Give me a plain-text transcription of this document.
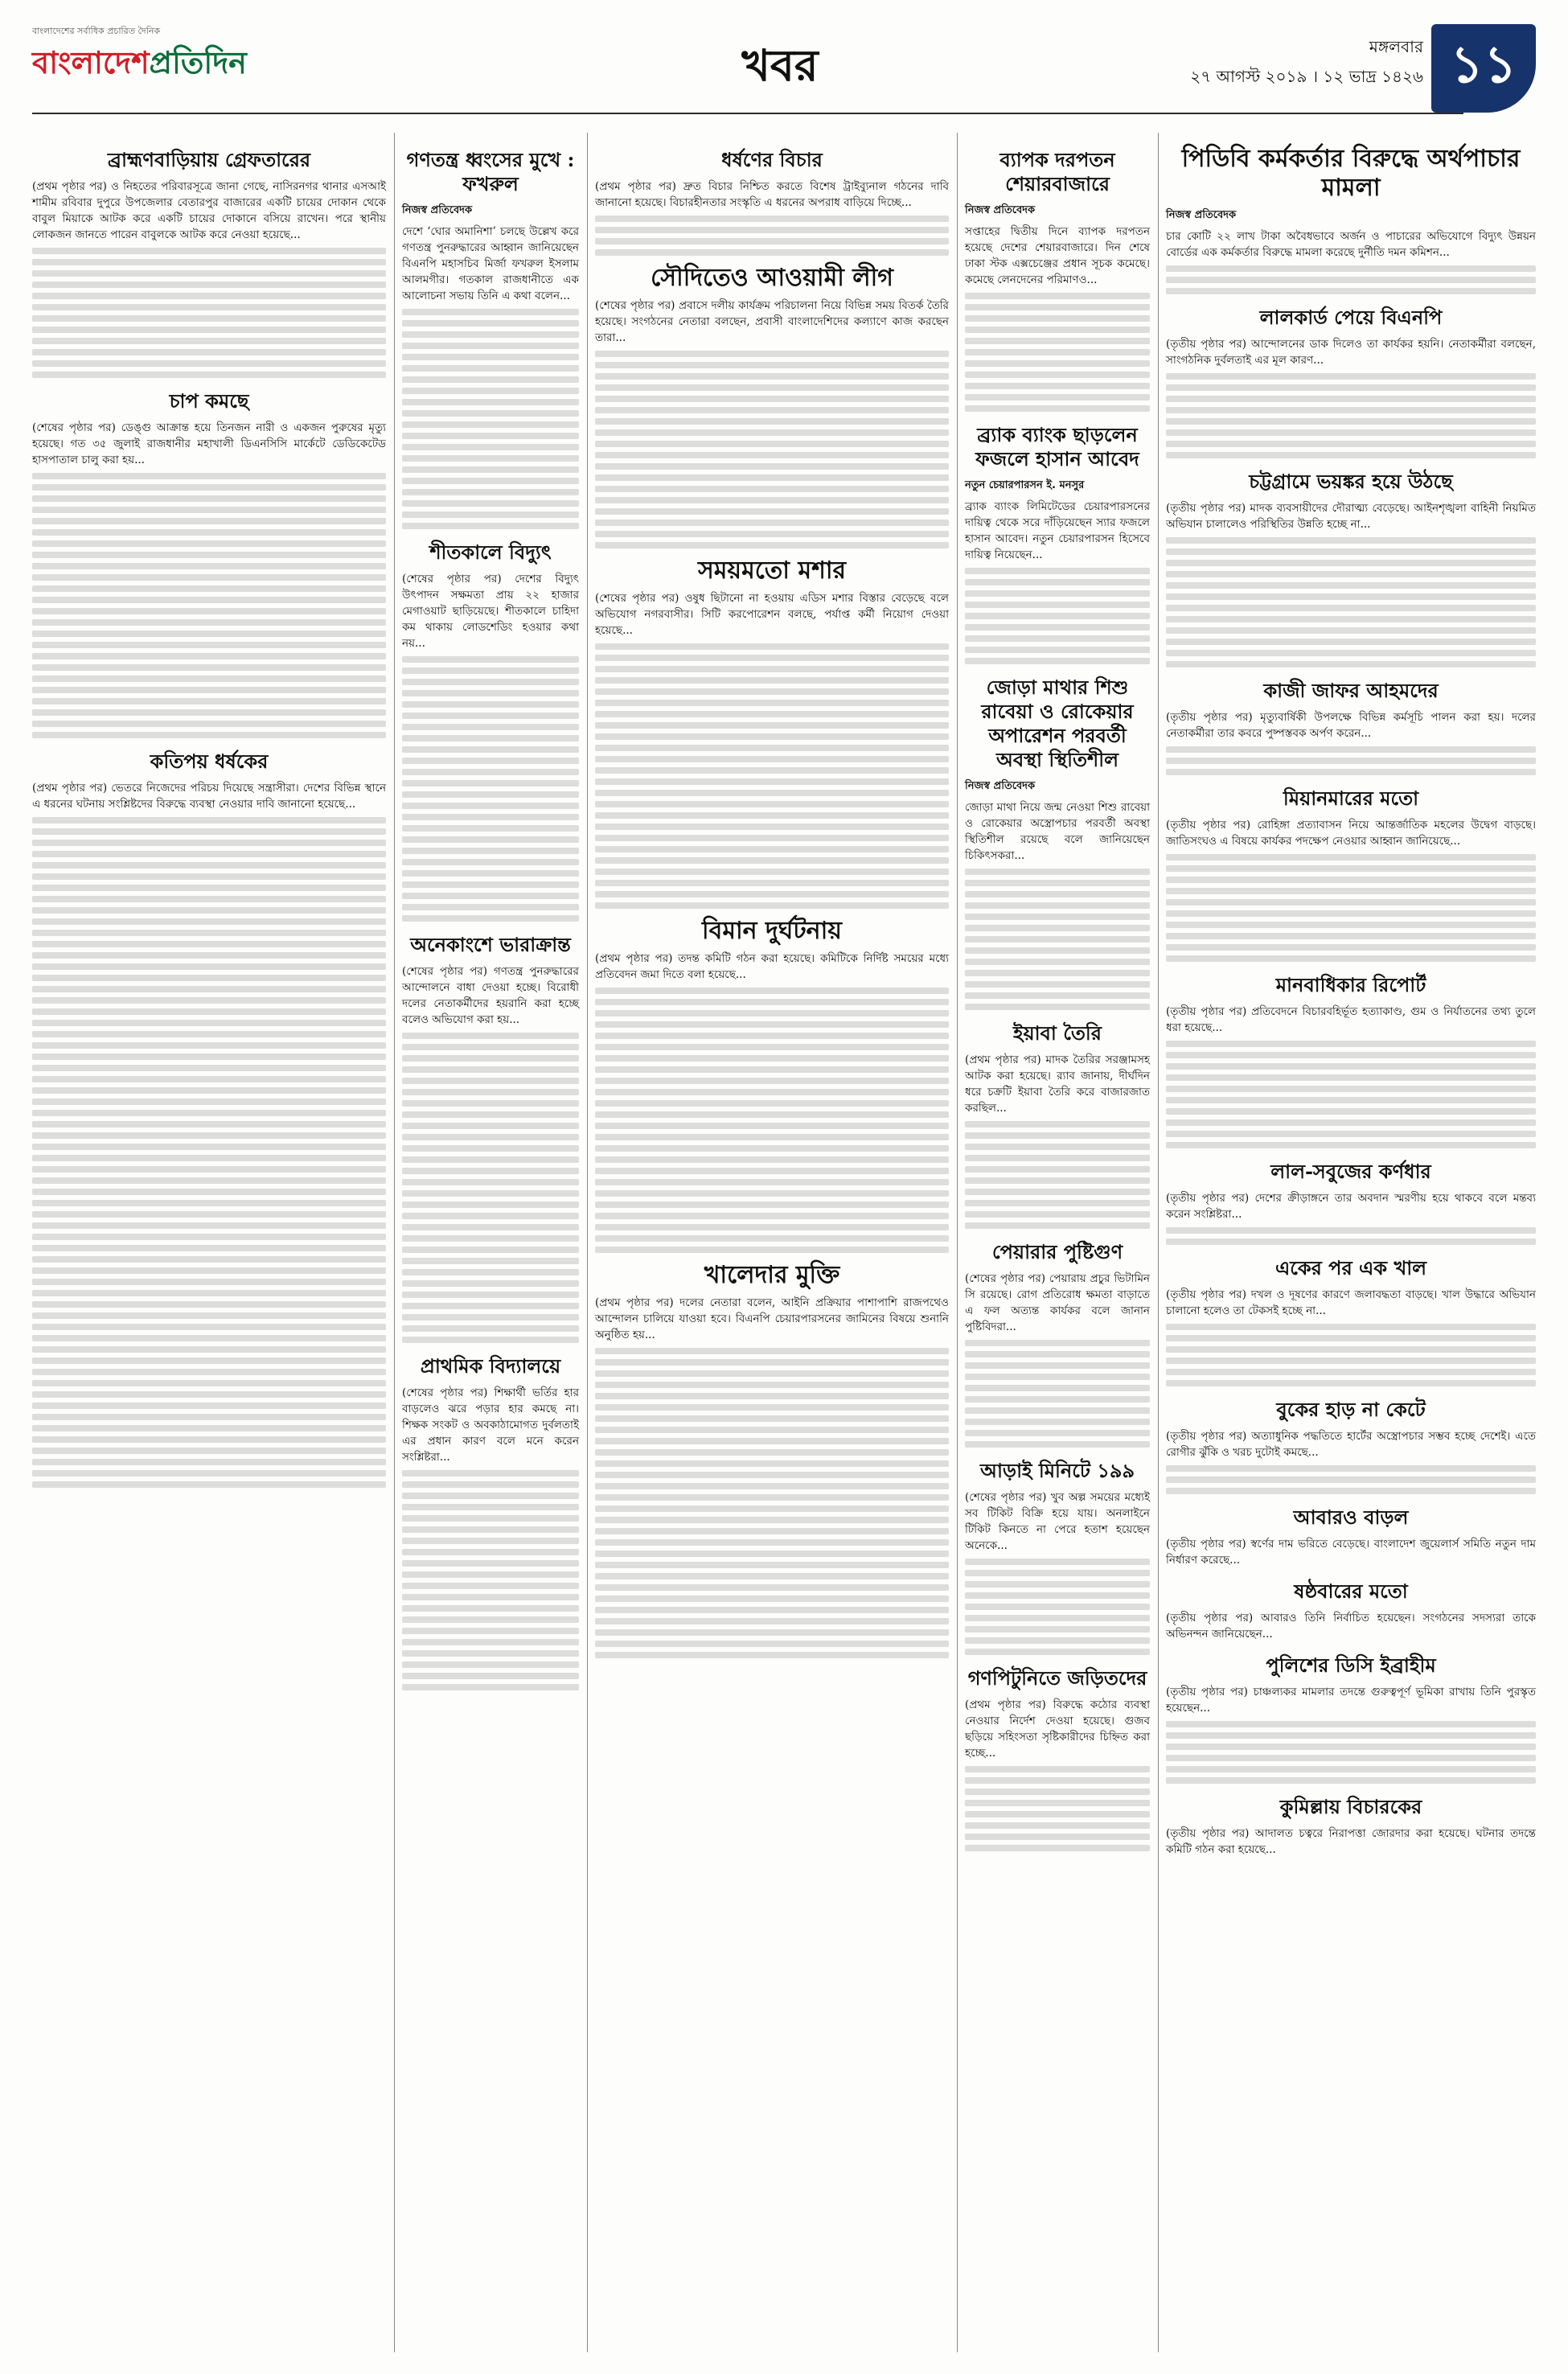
বাংলাদেশের সর্বাধিক প্রচারিত দৈনিক
বাংলাদেশপ্রতিদিন	খবর	মঙ্গলবার
২৭ আগস্ট ২০১৯ । ১২ ভাদ্র ১৪২৬ ১১
ব্রাহ্মণবাড়িয়ায় গ্রেফতারের

(প্রথম পৃষ্ঠার পর) ও নিহতের পরিবারসূত্রে জানা গেছে, নাসিরনগর থানার এসআই শামীম রবিবার দুপুরে উপজেলার বেতারপুর বাজারের একটি চায়ের দোকান থেকে বাবুল মিয়াকে আটক করে একটি চায়ের দোকানে বসিয়ে রাখেন। পরে স্থানীয় লোকজন জানতে পারেন বাবুলকে আটক করে নেওয়া হয়েছে...

চাপ কমছে

(শেষের পৃষ্ঠার পর) ডেঙ্গু আক্রান্ত হয়ে তিনজন নারী ও একজন পুরুষের মৃত্যু হয়েছে। গত ৩৫ জুলাই রাজধানীর মহাখালী ডিএনসিসি মার্কেটে ডেডিকেটেড হাসপাতাল চালু করা হয়...

কতিপয় ধর্ষকের

(প্রথম পৃষ্ঠার পর) ভেতরে নিজেদের পরিচয় দিয়েছে সন্ত্রাসীরা। দেশের বিভিন্ন স্থানে এ ধরনের ঘটনায় সংশ্লিষ্টদের বিরুদ্ধে ব্যবস্থা নেওয়ার দাবি জানানো হয়েছে...

গণতন্ত্র ধ্বংসের মুখে : ফখরুল
নিজস্ব প্রতিবেদক

দেশে ‘ঘোর অমানিশা’ চলছে উল্লেখ করে গণতন্ত্র পুনরুদ্ধারের আহ্বান জানিয়েছেন বিএনপি মহাসচিব মির্জা ফখরুল ইসলাম আলমগীর। গতকাল রাজধানীতে এক আলোচনা সভায় তিনি এ কথা বলেন...

শীতকালে বিদ্যুৎ

(শেষের পৃষ্ঠার পর) দেশের বিদ্যুৎ উৎপাদন সক্ষমতা প্রায় ২২ হাজার মেগাওয়াট ছাড়িয়েছে। শীতকালে চাহিদা কম থাকায় লোডশেডিং হওয়ার কথা নয়...

অনেকাংশে ভারাক্রান্ত

(শেষের পৃষ্ঠার পর) গণতন্ত্র পুনরুদ্ধারের আন্দোলনে বাধা দেওয়া হচ্ছে। বিরোধী দলের নেতাকর্মীদের হয়রানি করা হচ্ছে বলেও অভিযোগ করা হয়...

প্রাথমিক বিদ্যালয়ে

(শেষের পৃষ্ঠার পর) শিক্ষার্থী ভর্তির হার বাড়লেও ঝরে পড়ার হার কমছে না। শিক্ষক সংকট ও অবকাঠামোগত দুর্বলতাই এর প্রধান কারণ বলে মনে করেন সংশ্লিষ্টরা...

ধর্ষণের বিচার

(প্রথম পৃষ্ঠার পর) দ্রুত বিচার নিশ্চিত করতে বিশেষ ট্রাইব্যুনাল গঠনের দাবি জানানো হয়েছে। বিচারহীনতার সংস্কৃতি এ ধরনের অপরাধ বাড়িয়ে দিচ্ছে...

সৌদিতেও আওয়ামী লীগ

(শেষের পৃষ্ঠার পর) প্রবাসে দলীয় কার্যক্রম পরিচালনা নিয়ে বিভিন্ন সময় বিতর্ক তৈরি হয়েছে। সংগঠনের নেতারা বলছেন, প্রবাসী বাংলাদেশিদের কল্যাণে কাজ করছেন তারা...

সময়মতো মশার

(শেষের পৃষ্ঠার পর) ওষুধ ছিটানো না হওয়ায় এডিস মশার বিস্তার বেড়েছে বলে অভিযোগ নগরবাসীর। সিটি করপোরেশন বলছে, পর্যাপ্ত কর্মী নিয়োগ দেওয়া হয়েছে...

বিমান দুর্ঘটনায়

(প্রথম পৃষ্ঠার পর) তদন্ত কমিটি গঠন করা হয়েছে। কমিটিকে নির্দিষ্ট সময়ের মধ্যে প্রতিবেদন জমা দিতে বলা হয়েছে...

খালেদার মুক্তি

(প্রথম পৃষ্ঠার পর) দলের নেতারা বলেন, আইনি প্রক্রিয়ার পাশাপাশি রাজপথেও আন্দোলন চালিয়ে যাওয়া হবে। বিএনপি চেয়ারপারসনের জামিনের বিষয়ে শুনানি অনুষ্ঠিত হয়...

ব্যাপক দরপতন শেয়ারবাজারে
নিজস্ব প্রতিবেদক

সপ্তাহের দ্বিতীয় দিনে ব্যাপক দরপতন হয়েছে দেশের শেয়ারবাজারে। দিন শেষে ঢাকা স্টক এক্সচেঞ্জের প্রধান সূচক কমেছে। কমেছে লেনদেনের পরিমাণও...

ব্র্যাক ব্যাংক ছাড়লেন ফজলে হাসান আবেদ
নতুন চেয়ারপারসন ই. মনসুর

ব্র্যাক ব্যাংক লিমিটেডের চেয়ারপারসনের দায়িত্ব থেকে সরে দাঁড়িয়েছেন স্যার ফজলে হাসান আবেদ। নতুন চেয়ারপারসন হিসেবে দায়িত্ব নিয়েছেন...

জোড়া মাথার শিশু রাবেয়া ও রোকেয়ার অপারেশন পরবর্তী অবস্থা স্থিতিশীল
নিজস্ব প্রতিবেদক

জোড়া মাথা নিয়ে জন্ম নেওয়া শিশু রাবেয়া ও রোকেয়ার অস্ত্রোপচার পরবর্তী অবস্থা স্থিতিশীল রয়েছে বলে জানিয়েছেন চিকিৎসকরা...

ইয়াবা তৈরি

(প্রথম পৃষ্ঠার পর) মাদক তৈরির সরঞ্জামসহ আটক করা হয়েছে। র‍্যাব জানায়, দীর্ঘদিন ধরে চক্রটি ইয়াবা তৈরি করে বাজারজাত করছিল...

পেয়ারার পুষ্টিগুণ

(শেষের পৃষ্ঠার পর) পেয়ারায় প্রচুর ভিটামিন সি রয়েছে। রোগ প্রতিরোধ ক্ষমতা বাড়াতে এ ফল অত্যন্ত কার্যকর বলে জানান পুষ্টিবিদরা...

আড়াই মিনিটে ১৯৯

(শেষের পৃষ্ঠার পর) খুব অল্প সময়ের মধ্যেই সব টিকিট বিক্রি হয়ে যায়। অনলাইনে টিকিট কিনতে না পেরে হতাশ হয়েছেন অনেকে...

গণপিটুনিতে জড়িতদের

(প্রথম পৃষ্ঠার পর) বিরুদ্ধে কঠোর ব্যবস্থা নেওয়ার নির্দেশ দেওয়া হয়েছে। গুজব ছড়িয়ে সহিংসতা সৃষ্টিকারীদের চিহ্নিত করা হচ্ছে...

পিডিবি কর্মকর্তার বিরুদ্ধে অর্থপাচার মামলা
নিজস্ব প্রতিবেদক

চার কোটি ২২ লাখ টাকা অবৈধভাবে অর্জন ও পাচারের অভিযোগে বিদ্যুৎ উন্নয়ন বোর্ডের এক কর্মকর্তার বিরুদ্ধে মামলা করেছে দুর্নীতি দমন কমিশন...

লালকার্ড পেয়ে বিএনপি

(তৃতীয় পৃষ্ঠার পর) আন্দোলনের ডাক দিলেও তা কার্যকর হয়নি। নেতাকর্মীরা বলছেন, সাংগঠনিক দুর্বলতাই এর মূল কারণ...

চট্টগ্রামে ভয়ঙ্কর হয়ে উঠছে

(তৃতীয় পৃষ্ঠার পর) মাদক ব্যবসায়ীদের দৌরাত্ম্য বেড়েছে। আইনশৃঙ্খলা বাহিনী নিয়মিত অভিযান চালালেও পরিস্থিতির উন্নতি হচ্ছে না...

কাজী জাফর আহমদের

(তৃতীয় পৃষ্ঠার পর) মৃত্যুবার্ষিকী উপলক্ষে বিভিন্ন কর্মসূচি পালন করা হয়। দলের নেতাকর্মীরা তার কবরে পুষ্পস্তবক অর্পণ করেন...

মিয়ানমারের মতো

(তৃতীয় পৃষ্ঠার পর) রোহিঙ্গা প্রত্যাবাসন নিয়ে আন্তর্জাতিক মহলের উদ্বেগ বাড়ছে। জাতিসংঘও এ বিষয়ে কার্যকর পদক্ষেপ নেওয়ার আহ্বান জানিয়েছে...

মানবাধিকার রিপোর্ট

(তৃতীয় পৃষ্ঠার পর) প্রতিবেদনে বিচারবহির্ভূত হত্যাকাণ্ড, গুম ও নির্যাতনের তথ্য তুলে ধরা হয়েছে...

লাল-সবুজের কর্ণধার

(তৃতীয় পৃষ্ঠার পর) দেশের ক্রীড়াঙ্গনে তার অবদান স্মরণীয় হয়ে থাকবে বলে মন্তব্য করেন সংশ্লিষ্টরা...

একের পর এক খাল

(তৃতীয় পৃষ্ঠার পর) দখল ও দূষণের কারণে জলাবদ্ধতা বাড়ছে। খাল উদ্ধারে অভিযান চালানো হলেও তা টেকসই হচ্ছে না...

বুকের হাড় না কেটে

(তৃতীয় পৃষ্ঠার পর) অত্যাধুনিক পদ্ধতিতে হার্টের অস্ত্রোপচার সম্ভব হচ্ছে দেশেই। এতে রোগীর ঝুঁকি ও খরচ দুটোই কমছে...

আবারও বাড়ল

(তৃতীয় পৃষ্ঠার পর) স্বর্ণের দাম ভরিতে বেড়েছে। বাংলাদেশ জুয়েলার্স সমিতি নতুন দাম নির্ধারণ করেছে...

ষষ্ঠবারের মতো

(তৃতীয় পৃষ্ঠার পর) আবারও তিনি নির্বাচিত হয়েছেন। সংগঠনের সদস্যরা তাকে অভিনন্দন জানিয়েছেন...

পুলিশের ডিসি ইব্রাহীম

(তৃতীয় পৃষ্ঠার পর) চাঞ্চল্যকর মামলার তদন্তে গুরুত্বপূর্ণ ভূমিকা রাখায় তিনি পুরস্কৃত হয়েছেন...

কুমিল্লায় বিচারকের

(তৃতীয় পৃষ্ঠার পর) আদালত চত্বরে নিরাপত্তা জোরদার করা হয়েছে। ঘটনার তদন্তে কমিটি গঠন করা হয়েছে...
